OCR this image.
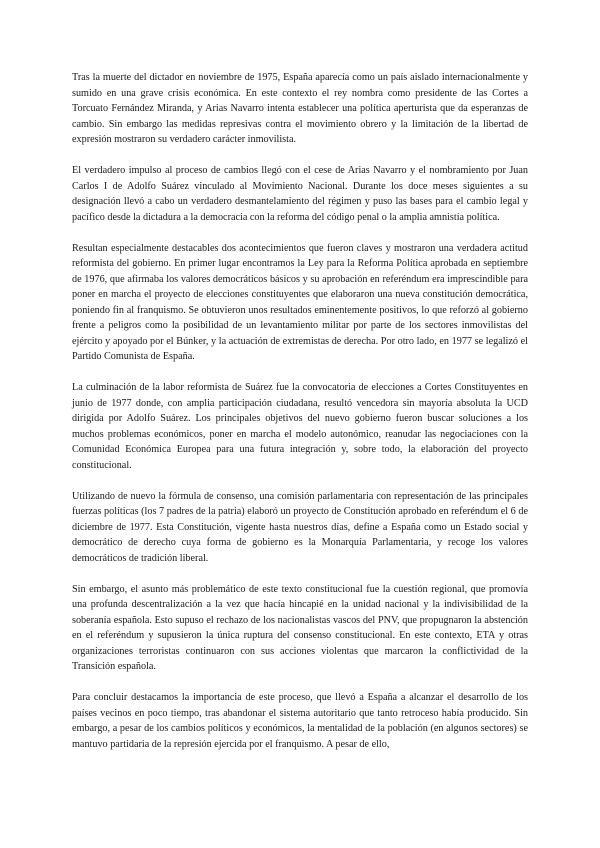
Tras la muerte del dictador en noviembre de 1975, España aparecía como un país aislado internacionalmente y sumido en una grave crisis económica. En este contexto el rey nombra como presidente de las Cortes a Torcuato Fernández Miranda, y Arias Navarro intenta establecer una política aperturista que da esperanzas de cambio. Sin embargo las medidas represivas contra el movimiento obrero y la limitación de la libertad de expresión mostraron su verdadero carácter inmovilista.

El verdadero impulso al proceso de cambios llegó con el cese de Arias Navarro y el nombramiento por Juan Carlos I de Adolfo Suárez vinculado al Movimiento Nacional. Durante los doce meses siguientes a su designación llevó a cabo un verdadero desmantelamiento del régimen y puso las bases para el cambio legal y pacífico desde la dictadura a la democracia con la reforma del código penal o la amplia amnistía política.

Resultan especialmente destacables dos acontecimientos que fueron claves y mostraron una verdadera actitud reformista del gobierno. En primer lugar encontramos la Ley para la Reforma Política aprobada en septiembre de 1976, que afirmaba los valores democráticos básicos y su aprobación en referéndum era imprescindible para poner en marcha el proyecto de elecciones constituyentes que elaboraron una nueva constitución democrática, poniendo fin al franquismo. Se obtuvieron unos resultados eminentemente positivos, lo que reforzó al gobierno frente a peligros como la posibilidad de un levantamiento militar por parte de los sectores inmovilistas del ejército y apoyado por el Búnker, y la actuación de extremistas de derecha. Por otro lado, en 1977 se legalizó el Partido Comunista de España.

La culminación de la labor reformista de Suárez fue la convocatoria de elecciones a Cortes Constituyentes en junio de 1977 donde, con amplia participación ciudadana, resultó vencedora sin mayoría absoluta la UCD dirigida por Adolfo Suárez. Los principales objetivos del nuevo gobierno fueron buscar soluciones a los muchos problemas económicos, poner en marcha el modelo autonómico, reanudar las negociaciones con la Comunidad Económica Europea para una futura integración y, sobre todo, la elaboración del proyecto constitucional.

Utilizando de nuevo la fórmula de consenso, una comisión parlamentaria con representación de las principales fuerzas políticas (los 7 padres de la patria) elaboró un proyecto de Constitución aprobado en referéndum el 6 de diciembre de 1977. Esta Constitución, vigente hasta nuestros días, define a España como un Estado social y democrático de derecho cuya forma de gobierno es la Monarquía Parlamentaria, y recoge los valores democráticos de tradición liberal.

Sin embargo, el asunto más problemático de este texto constitucional fue la cuestión regional, que promovía una profunda descentralización a la vez que hacía hincapié en la unidad nacional y la indivisibilidad de la soberanía española. Esto supuso el rechazo de los nacionalistas vascos del PNV, que propugnaron la abstención en el referéndum y supusieron la única ruptura del consenso constitucional. En este contexto, ETA y otras organizaciones terroristas continuaron con sus acciones violentas que marcaron la conflictividad de la Transición española.

Para concluir destacamos la importancia de este proceso, que llevó a España a alcanzar el desarrollo de los países vecinos en poco tiempo, tras abandonar el sistema autoritario que tanto retroceso había producido. Sin embargo, a pesar de los cambios políticos y económicos, la mentalidad de la población (en algunos sectores) se mantuvo partidaria de la represión ejercida por el franquismo. A pesar de ello,
